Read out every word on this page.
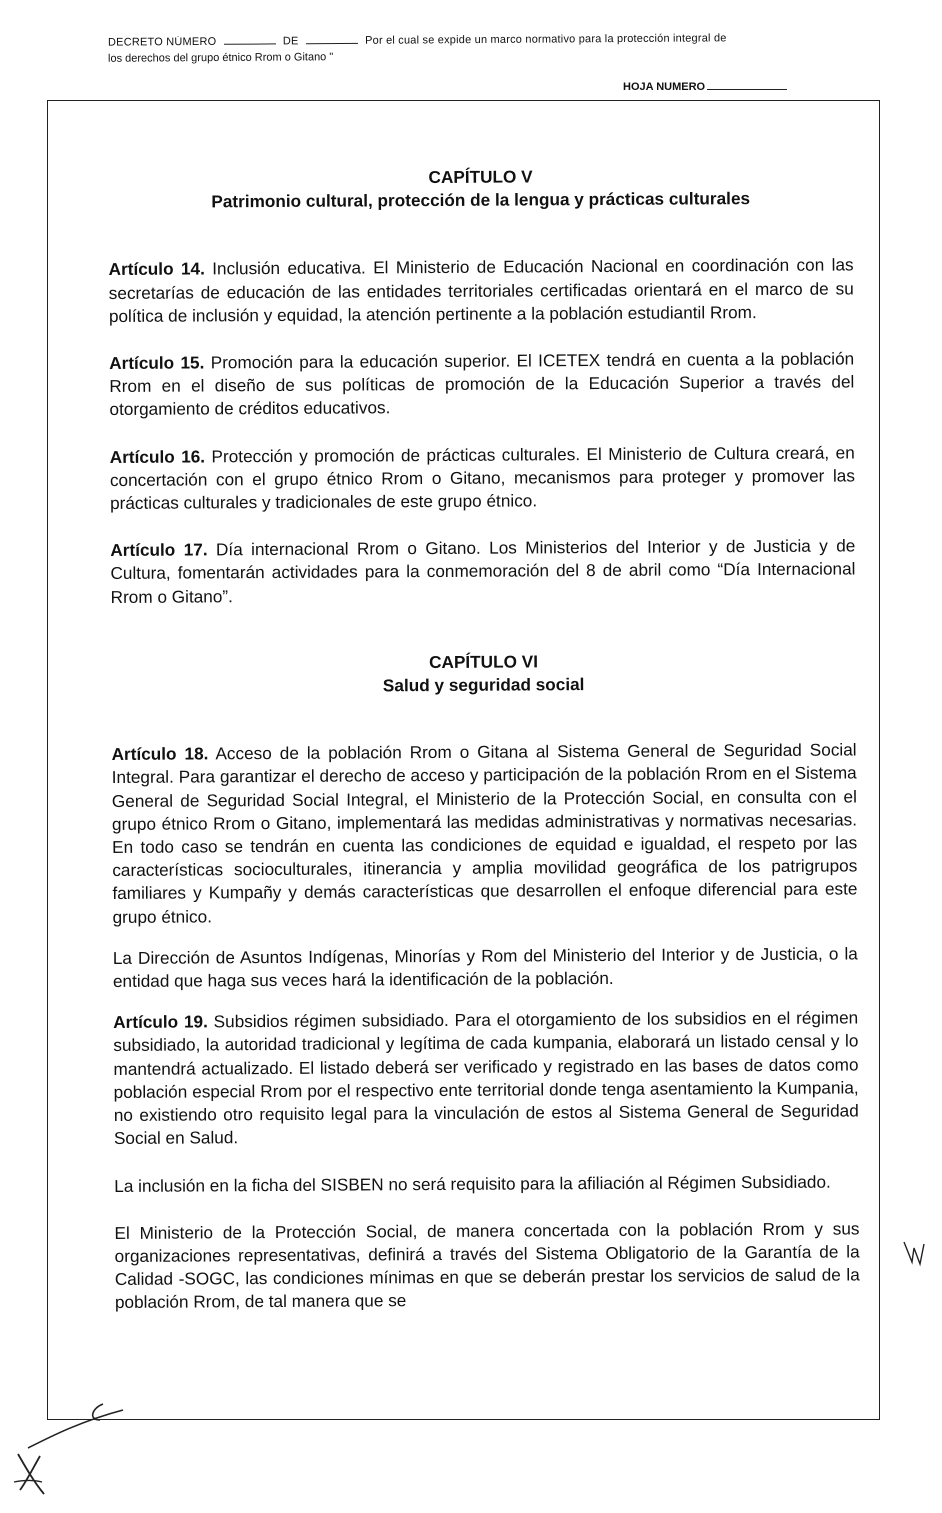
DECRETO NÚMERO	DE	Por el cual se expide un marco normativo para la protección integral de
los derechos del grupo étnico Rrom o Gitano "
HOJA NUMERO
CAPÍTULO V
Patrimonio cultural, protección de la lengua y prácticas culturales

Artículo 14. Inclusión educativa. El Ministerio de Educación Nacional en coordinación con las secretarías de educación de las entidades territoriales certificadas orientará en el marco de su política de inclusión y equidad, la atención pertinente a la población estudiantil Rrom.

Artículo 15. Promoción para la educación superior. El ICETEX tendrá en cuenta a la población Rrom en el diseño de sus políticas de promoción de la Educación Superior a través del otorgamiento de créditos educativos.

Artículo 16. Protección y promoción de prácticas culturales. El Ministerio de Cultura creará, en concertación con el grupo étnico Rrom o Gitano, mecanismos para proteger y promover las prácticas culturales y tradicionales de este grupo étnico.

Artículo 17. Día internacional Rrom o Gitano. Los Ministerios del Interior y de Justicia y de Cultura, fomentarán actividades para la conmemoración del 8 de abril como “Día Internacional Rrom o Gitano”.

CAPÍTULO VI
Salud y seguridad social

Artículo 18. Acceso de la población Rrom o Gitana al Sistema General de Seguridad Social Integral. Para garantizar el derecho de acceso y participación de la población Rrom en el Sistema General de Seguridad Social Integral, el Ministerio de la Protección Social, en consulta con el grupo étnico Rrom o Gitano, implementará las medidas administrativas y normativas necesarias. En todo caso se tendrán en cuenta las condiciones de equidad e igualdad, el respeto por las características socioculturales, itinerancia y amplia movilidad geográfica de los patrigrupos familiares y Kumpañy y demás características que desarrollen el enfoque diferencial para este grupo étnico.

La Dirección de Asuntos Indígenas, Minorías y Rom del Ministerio del Interior y de Justicia, o la entidad que haga sus veces hará la identificación de la población.

Artículo 19. Subsidios régimen subsidiado. Para el otorgamiento de los subsidios en el régimen subsidiado, la autoridad tradicional y legítima de cada kumpania, elaborará un listado censal y lo mantendrá actualizado. El listado deberá ser verificado y registrado en las bases de datos como población especial Rrom por el respectivo ente territorial donde tenga asentamiento la Kumpania, no existiendo otro requisito legal para la vinculación de estos al Sistema General de Seguridad Social en Salud.

La inclusión en la ficha del SISBEN no será requisito para la afiliación al Régimen Subsidiado.

El Ministerio de la Protección Social, de manera concertada con la población Rrom y sus organizaciones representativas, definirá a través del Sistema Obligatorio de la Garantía de la Calidad -SOGC, las condiciones mínimas en que se deberán prestar los servicios de salud de la población Rrom, de tal manera que se
